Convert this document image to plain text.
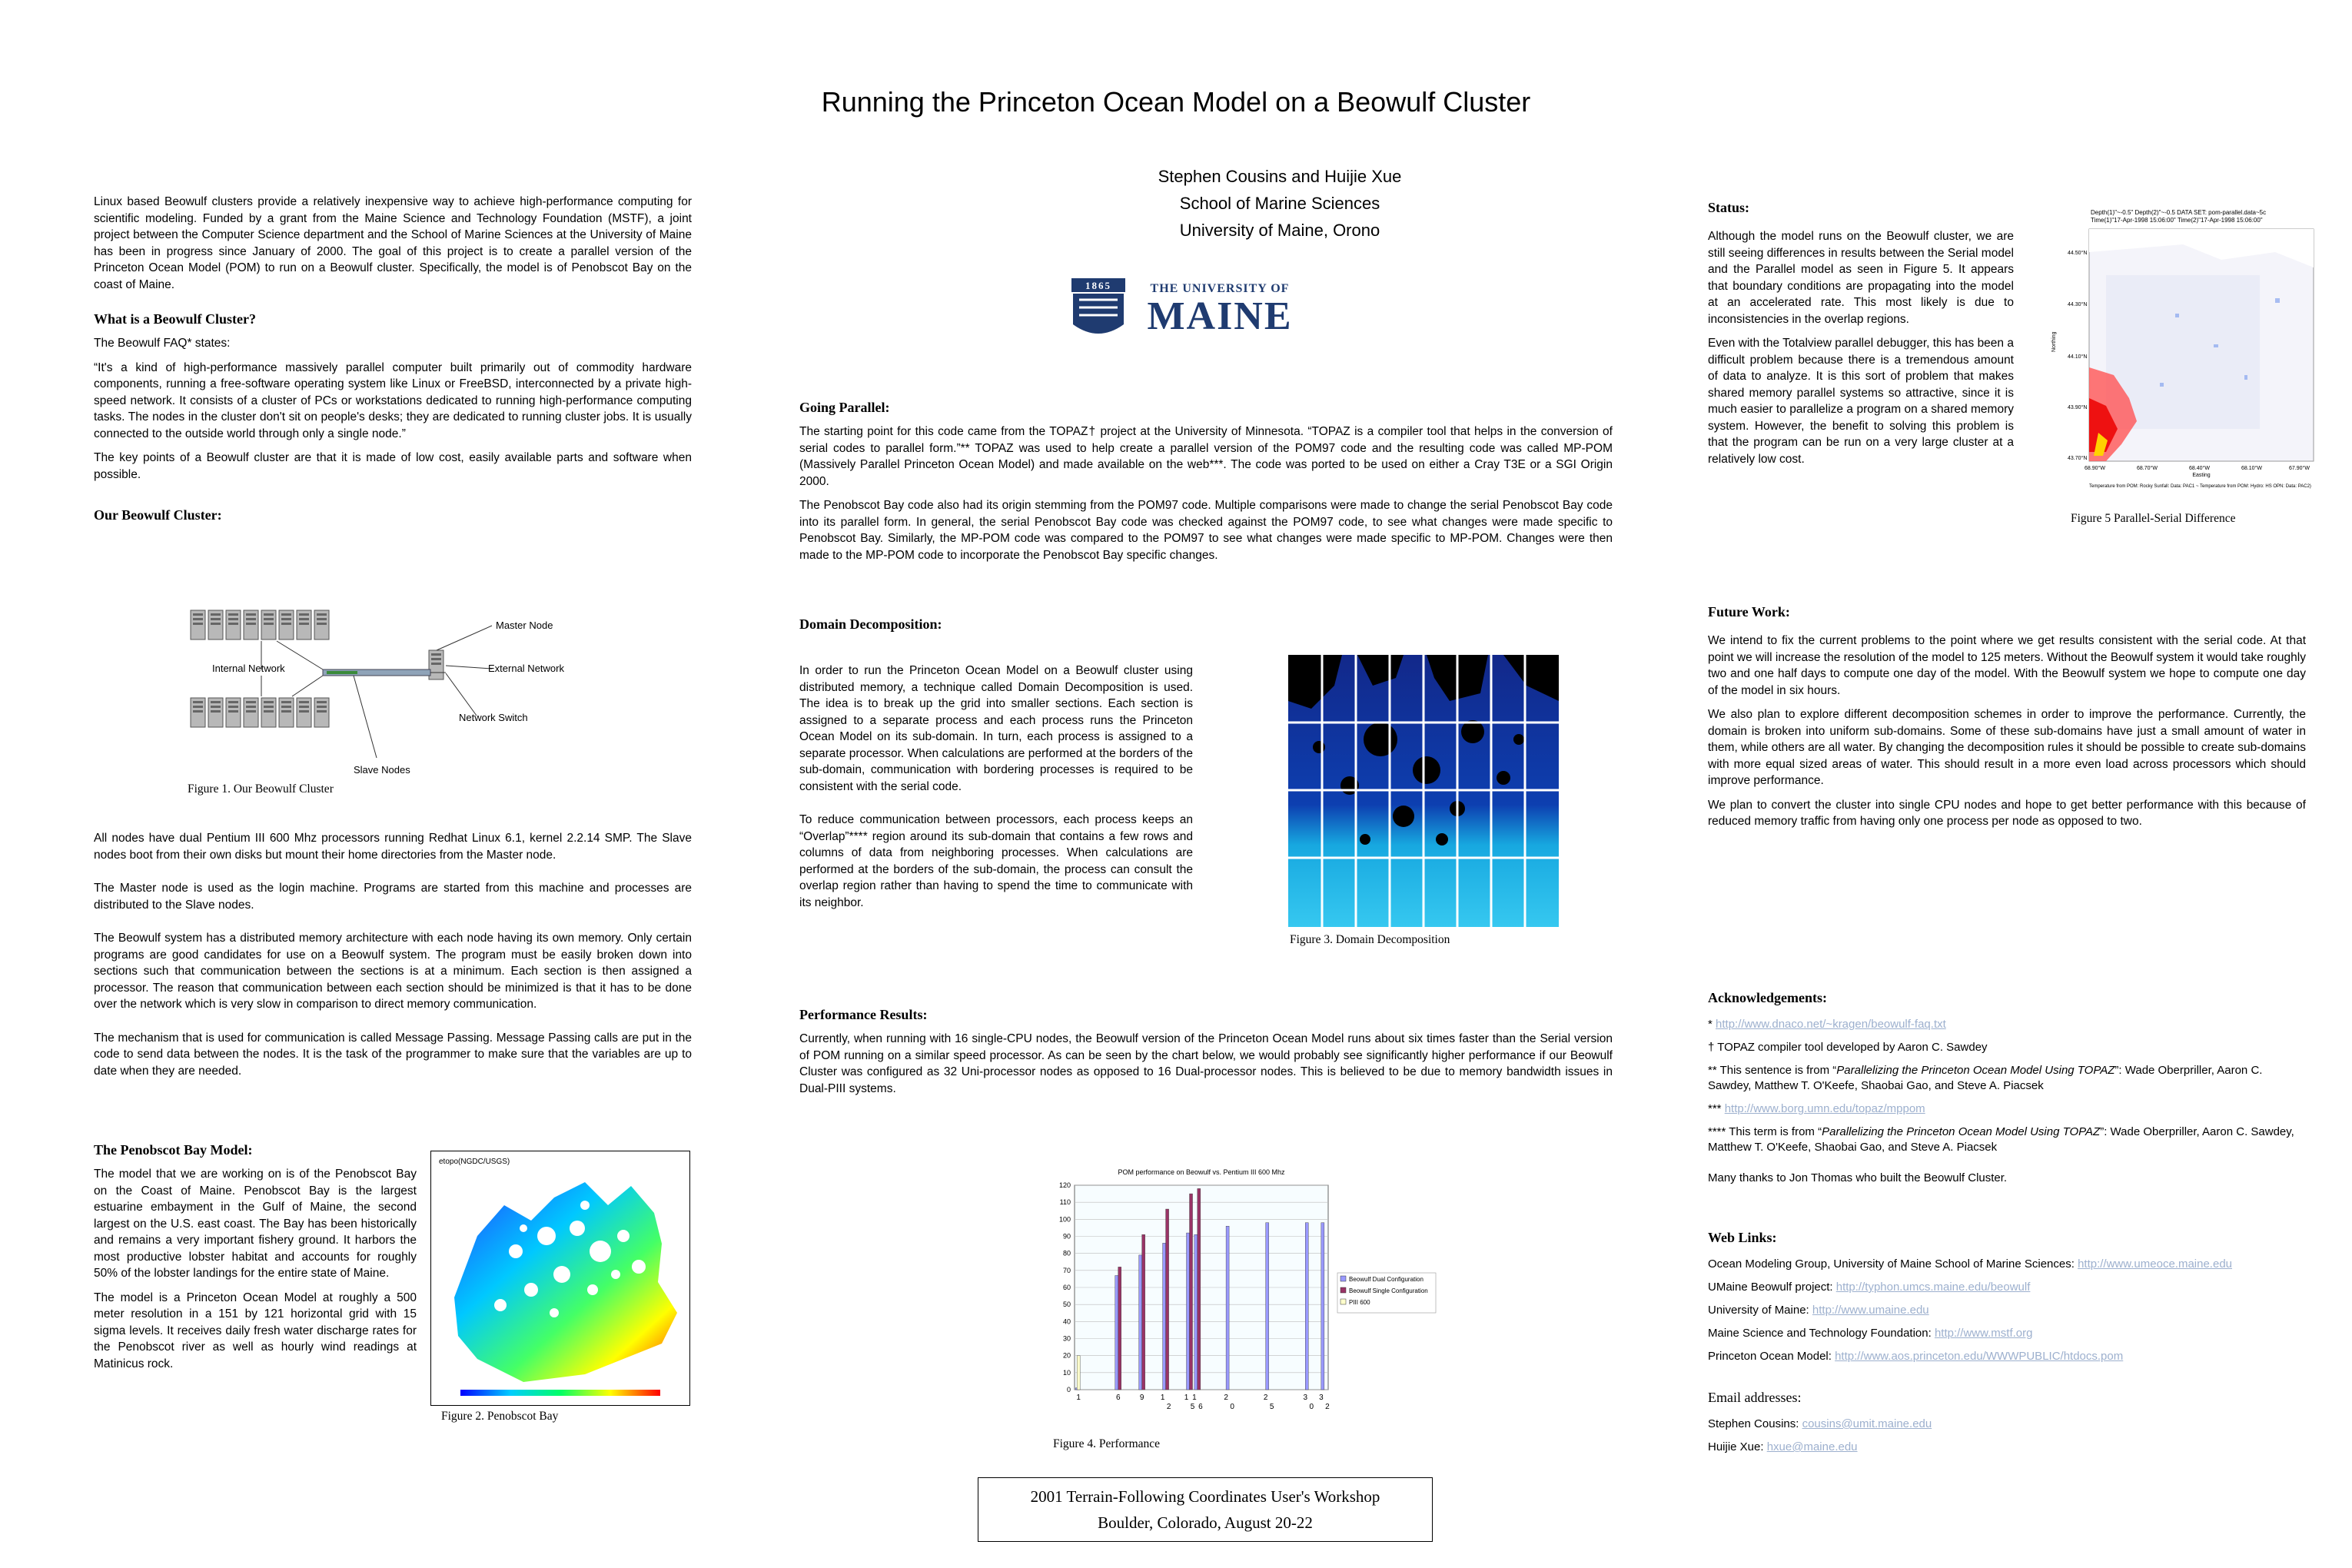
Running the Princeton Ocean Model on a Beowulf Cluster
Stephen Cousins and Huijie Xue
School of Marine Sciences
University of Maine, Orono
1865	THE UNIVERSITY OF
MAINE

Linux based Beowulf clusters provide a relatively inexpensive way to achieve high-performance computing for scientific modeling. Funded by a grant from the Maine Science and Technology Foundation (MSTF), a joint project between the Computer Science department and the School of Marine Sciences at the University of Maine has been in progress since January of 2000. The goal of this project is to create a parallel version of the Princeton Ocean Model (POM) to run on a Beowulf cluster. Specifically, the model is of Penobscot Bay on the coast of Maine.

What is a Beowulf Cluster?

The Beowulf FAQ* states:

“It's a kind of high-performance massively parallel computer built primarily out of commodity hardware components, running a free-software operating system like Linux or FreeBSD, interconnected by a private high-speed network. It consists of a cluster of PCs or workstations dedicated to running high-performance computing tasks. The nodes in the cluster don't sit on people's desks; they are dedicated to running cluster jobs. It is usually connected to the outside world through only a single node.”

The key points of a Beowulf cluster are that it is made of low cost, easily available parts and software when possible.

Our Beowulf Cluster:
Master Node
Internal Network	External Network
Network Switch
Slave Nodes
Figure 1. Our Beowulf Cluster

All nodes have dual Pentium III 600 Mhz processors running Redhat Linux 6.1, kernel 2.2.14 SMP. The Slave nodes boot from their own disks but mount their home directories from the Master node.

The Master node is used as the login machine. Programs are started from this machine and processes are distributed to the Slave nodes.

The Beowulf system has a distributed memory architecture with each node having its own memory. Only certain programs are good candidates for use on a Beowulf system. The program must be easily broken down into sections such that communication between the sections is at a minimum. Each section is then assigned a processor. The reason that communication between each section should be minimized is that it has to be done over the network which is very slow in comparison to direct memory communication.

The mechanism that is used for communication is called Message Passing. Message Passing calls are put in the code to send data between the nodes. It is the task of the programmer to make sure that the variables are up to date when they are needed.

The Penobscot Bay Model:

The model that we are working on is of the Penobscot Bay on the Coast of Maine. Penobscot Bay is the largest estuarine embayment in the Gulf of Maine, the second largest on the U.S. east coast. The Bay has been historically and remains a very important fishery ground. It harbors the most productive lobster habitat and accounts for roughly 50% of the lobster landings for the entire state of Maine.

The model is a Princeton Ocean Model at roughly a 500 meter resolution in a 151 by 121 horizontal grid with 15 sigma levels. It receives daily fresh water discharge rates for the Penobscot river as well as hourly wind readings at Matinicus rock.

etopo(NGDC/USGS)
Figure 2. Penobscot Bay
Going Parallel:

The starting point for this code came from the TOPAZ† project at the University of Minnesota. “TOPAZ is a compiler tool that helps in the conversion of serial codes to parallel form.”** TOPAZ was used to help create a parallel version of the POM97 code and the resulting code was called MP-POM (Massively Parallel Princeton Ocean Model) and made available on the web***. The code was ported to be used on either a Cray T3E or a SGI Origin 2000.

The Penobscot Bay code also had its origin stemming from the POM97 code. Multiple comparisons were made to change the serial Penobscot Bay code into its parallel form. In general, the serial Penobscot Bay code was checked against the POM97 code, to see what changes were made specific to Penobscot Bay. Similarly, the MP-POM code was compared to the POM97 to see what changes were made specific to MP-POM. Changes were then made to the MP-POM code to incorporate the Penobscot Bay specific changes.

Domain Decomposition:

In order to run the Princeton Ocean Model on a Beowulf cluster using distributed memory, a technique called Domain Decomposition is used. The idea is to break up the grid into smaller sections. Each section is assigned to a separate process and each process runs the Princeton Ocean Model on its sub-domain. In turn, each process is assigned to a separate processor. When calculations are performed at the borders of the sub-domain, communication with bordering processes is required to be consistent with the serial code.

To reduce communication between processors, each process keeps an “Overlap”**** region around its sub-domain that contains a few rows and columns of data from neighboring processes. When calculations are performed at the borders of the sub-domain, the process can consult the overlap region rather than having to spend the time to communicate with its neighbor.

Figure 3. Domain Decomposition
Performance Results:

Currently, when running with 16 single-CPU nodes, the Beowulf version of the Princeton Ocean Model runs about six times faster than the Serial version of POM running on a similar speed processor. As can be seen by the chart below, we would probably see significantly higher performance if our Beowulf Cluster was configured as 32 Uni-processor nodes as opposed to 16 Dual-processor nodes. This is believed to be due to memory bandwidth issues in Dual-PIII systems.

POM performance on Beowulf vs. Pentium III 600 Mhz
0
10
20
30
40
50
60
70
80
90
100
110
120
1	6	9 1
2
1
5
1
6
2
0
2
5
3
0
3
2
Beowulf Dual Configuration
Beowulf Single Configuration
PIII 600
Figure 4. Performance
2001 Terrain-Following Coordinates User's Workshop
Boulder, Colorado, August 20-22
Status:

Although the model runs on the Beowulf cluster, we are still seeing differences in results between the Serial model and the Parallel model as seen in Figure 5. It appears that boundary conditions are propagating into the model at an accelerated rate. This most likely is due to inconsistencies in the overlap regions.

Even with the Totalview parallel debugger, this has been a difficult problem because there is a tremendous amount of data to analyze. It is this sort of problem that makes shared memory parallel systems so attractive, since it is much easier to parallelize a program on a shared memory system. However, the benefit to solving this problem is that the program can be run on a very large cluster at a relatively low cost.

Depth(1)"~-0.5" Depth(2)"~-0.5 DATA SET: pom-parallel.data~5c
Time(1)"17-Apr-1998 15:06:00" Time(2)"17-Apr-1998 15:06:00"
44.50°N
44.30°N
44.10°N
43.90°N
43.70°N
68.90°W	68.70°W	68.40°W	68.10°W	67.90°W
Easting
Northing
Temperature from POM: Rocky Sunfall: Data: PAC1 ~ Temperature from POM: Hydro: HS OPN: Data: PAC2)
Figure 5 Parallel-Serial Difference
Future Work:

We intend to fix the current problems to the point where we get results consistent with the serial code. At that point we will increase the resolution of the model to 125 meters. Without the Beowulf system it would take roughly two and one half days to compute one day of the model. With the Beowulf system we hope to compute one day of the model in six hours.

We also plan to explore different decomposition schemes in order to improve the performance. Currently, the domain is broken into uniform sub-domains. Some of these sub-domains have just a small amount of water in them, while others are all water. By changing the decomposition rules it should be possible to create sub-domains with more equal sized areas of water. This should result in a more even load across processors which should improve performance.

We plan to convert the cluster into single CPU nodes and hope to get better performance with this because of reduced memory traffic from having only one process per node as opposed to two.

Acknowledgements:
* http://www.dnaco.net/~kragen/beowulf-faq.txt
† TOPAZ compiler tool developed by Aaron C. Sawdey
** This sentence is from “Parallelizing the Princeton Ocean Model Using TOPAZ”: Wade Oberpriller, Aaron C. Sawdey, Matthew T. O'Keefe, Shaobai Gao, and Steve A. Piacsek
*** http://www.borg.umn.edu/topaz/mppom
**** This term is from “Parallelizing the Princeton Ocean Model Using TOPAZ”: Wade Oberpriller, Aaron C. Sawdey, Matthew T. O'Keefe, Shaobai Gao, and Steve A. Piacsek
Many thanks to Jon Thomas who built the Beowulf Cluster.
Web Links:
Ocean Modeling Group, University of Maine School of Marine Sciences: http://www.umeoce.maine.edu
UMaine Beowulf project: http://typhon.umcs.maine.edu/beowulf
University of Maine: http://www.umaine.edu
Maine Science and Technology Foundation: http://www.mstf.org
Princeton Ocean Model: http://www.aos.princeton.edu/WWWPUBLIC/htdocs.pom
Email addresses:
Stephen Cousins: cousins@umit.maine.edu
Huijie Xue: hxue@maine.edu
